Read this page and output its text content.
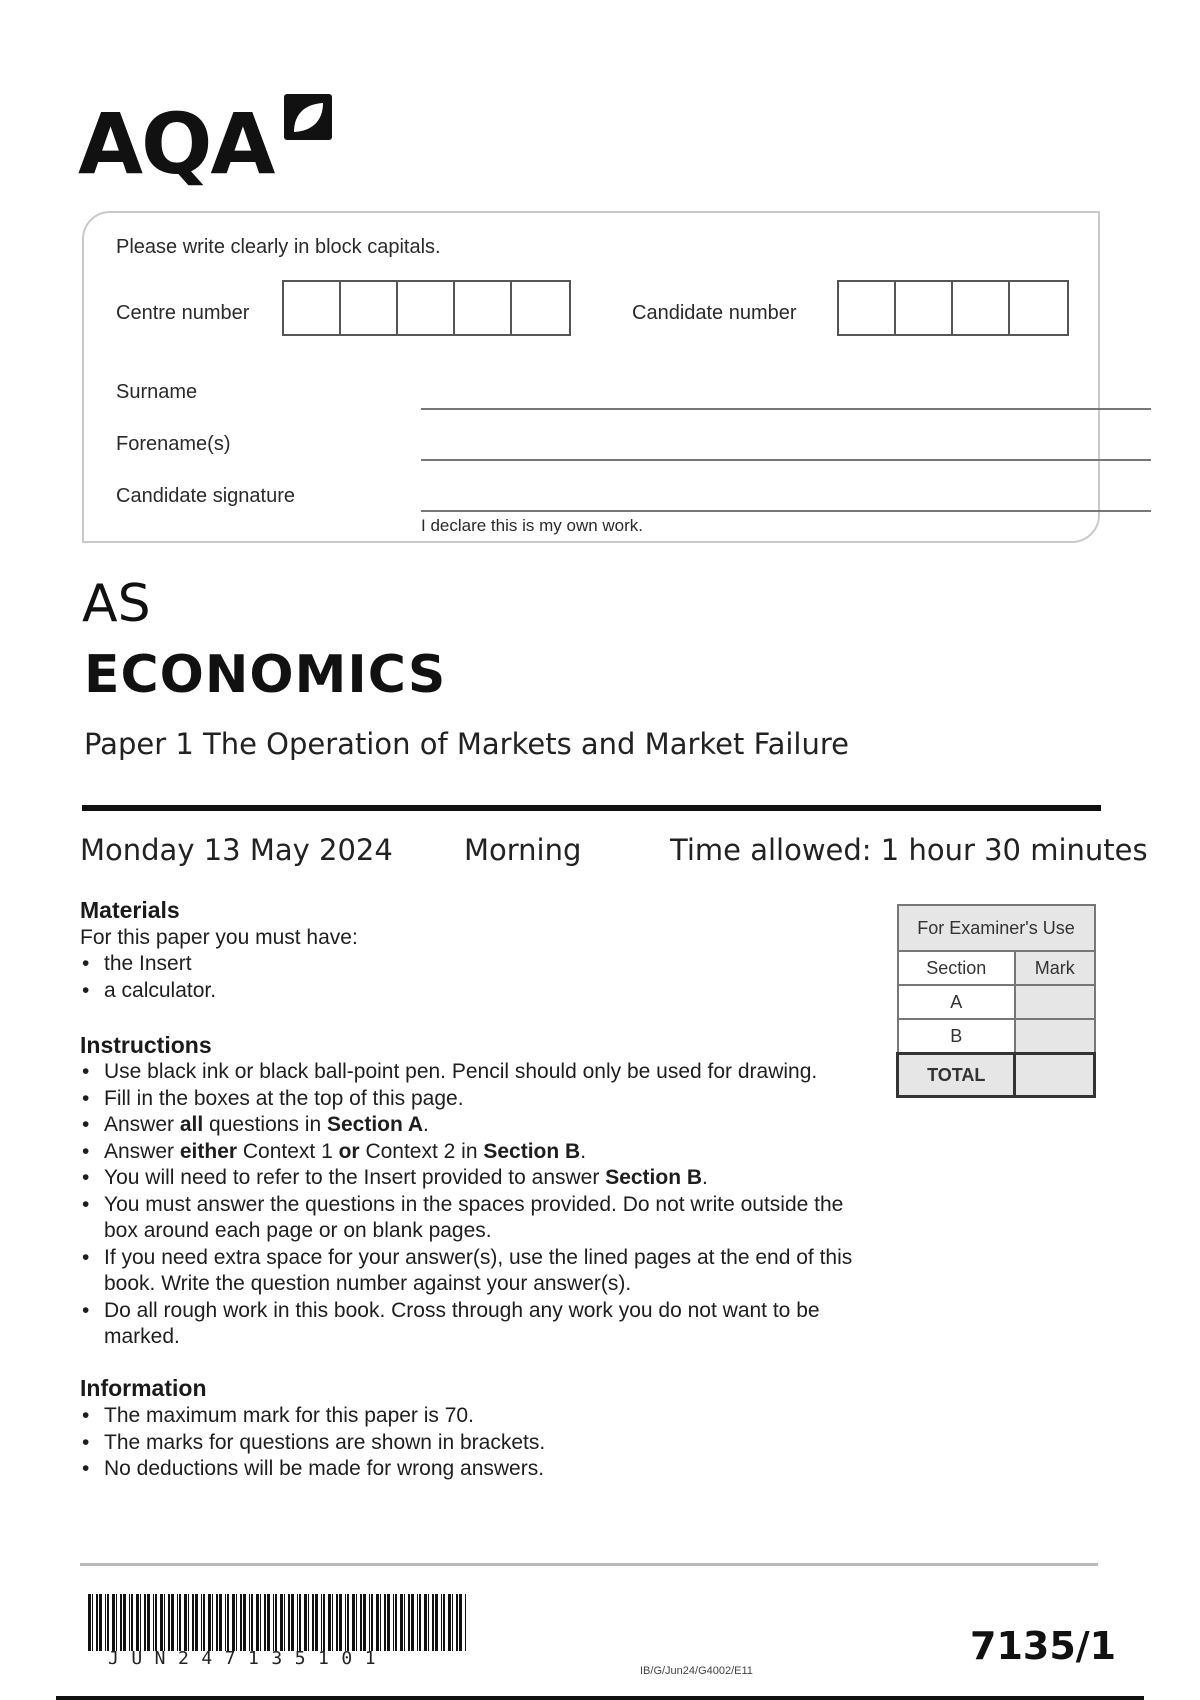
AQA
Please write clearly in block capitals.
Centre number	Candidate number
Surname
Forename(s)
Candidate signature
I declare this is my own work.
AS
ECONOMICS
Paper 1 The Operation of Markets and Market Failure
Monday 13 May 2024 Morning	Time allowed: 1 hour 30 minutes
Materials
For this paper you must have:
• the Insert
• a calculator.
Instructions
• Use black ink or black ball-point pen. Pencil should only be used for drawing.
• Fill in the boxes at the top of this page.
• Answer all questions in Section A.
• Answer either Context 1 or Context 2 in Section B.
• You will need to refer to the Insert provided to answer Section B.
• You must answer the questions in the spaces provided. Do not write outside the box around each page or on blank pages.
• If you need extra space for your answer(s), use the lined pages at the end of this book. Write the question number against your answer(s).
• Do all rough work in this book. Cross through any work you do not want to be marked.
Information
• The maximum mark for this paper is 70.
• The marks for questions are shown in brackets.
• No deductions will be made for wrong answers.
For Examiner's Use	
Section	Mark
A	
B	
TOTAL	
JUN247135101
IB/G/Jun24/G4002/E11
7135/1
